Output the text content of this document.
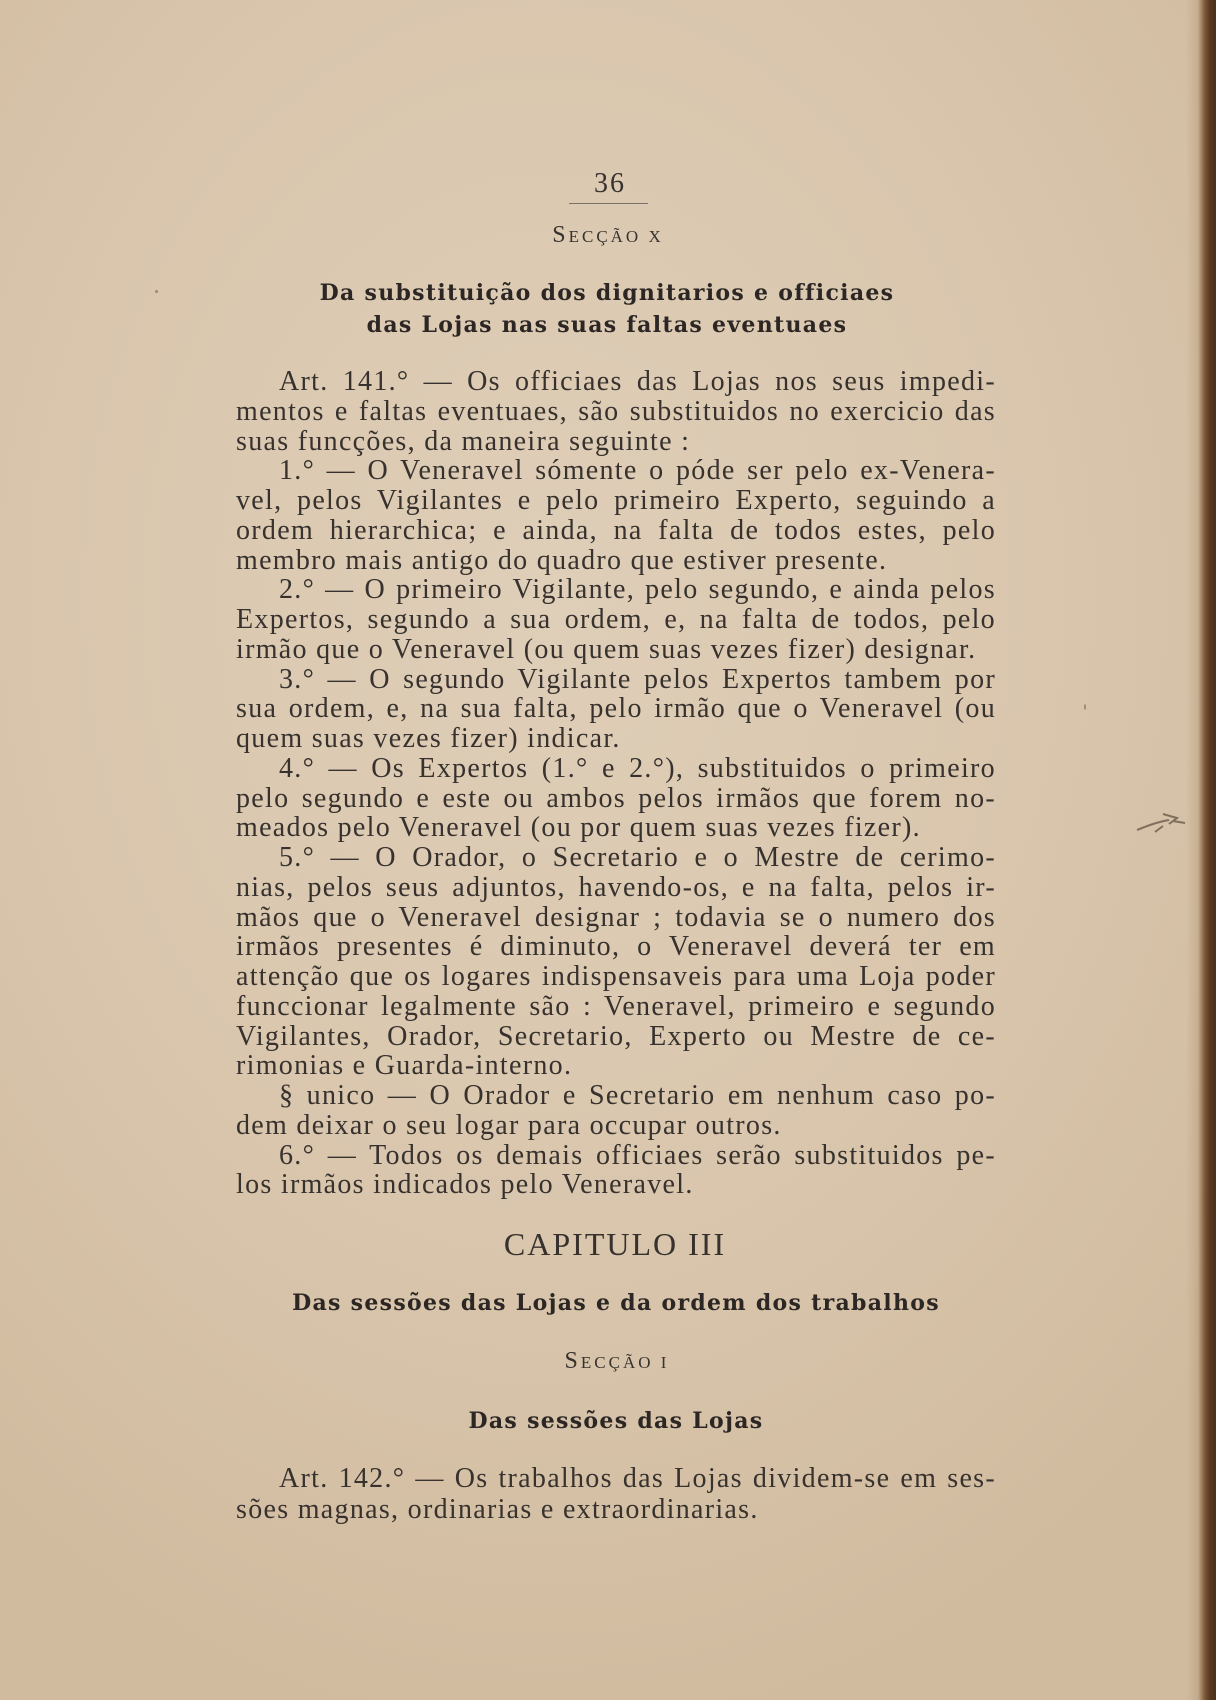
36
SECÇÃO X
Da substituição dos dignitarios e officiaes
das Lojas nas suas faltas eventuaes
Art. 141.° — Os officiaes das Lojas nos seus impedi-
mentos e faltas eventuaes, são substituidos no exercicio das
suas funcções, da maneira seguinte :
1.° — O Veneravel sómente o póde ser pelo ex-Venera-
vel, pelos Vigilantes e pelo primeiro Experto, seguindo a
ordem hierarchica; e ainda, na falta de todos estes, pelo
membro mais antigo do quadro que estiver presente.
2.° — O primeiro Vigilante, pelo segundo, e ainda pelos
Expertos, segundo a sua ordem, e, na falta de todos, pelo
irmão que o Veneravel (ou quem suas vezes fizer) designar.
3.° — O segundo Vigilante pelos Expertos tambem por
sua ordem, e, na sua falta, pelo irmão que o Veneravel (ou
quem suas vezes fizer) indicar.
4.° — Os Expertos (1.° e 2.°), substituidos o primeiro
pelo segundo e este ou ambos pelos irmãos que forem no-
meados pelo Veneravel (ou por quem suas vezes fizer).
5.° — O Orador, o Secretario e o Mestre de cerimo-
nias, pelos seus adjuntos, havendo-os, e na falta, pelos ir-
mãos que o Veneravel designar ; todavia se o numero dos
irmãos presentes é diminuto, o Veneravel deverá ter em
attenção que os logares indispensaveis para uma Loja poder
funccionar legalmente são : Veneravel, primeiro e segundo
Vigilantes, Orador, Secretario, Experto ou Mestre de ce-
rimonias e Guarda-interno.
§ unico — O Orador e Secretario em nenhum caso po-
dem deixar o seu logar para occupar outros.
6.° — Todos os demais officiaes serão substituidos pe-
los irmãos indicados pelo Veneravel.
CAPITULO III
Das sessões das Lojas e da ordem dos trabalhos
SECÇÃO I
Das sessões das Lojas
Art. 142.° — Os trabalhos das Lojas dividem-se em ses-
sões magnas, ordinarias e extraordinarias.
